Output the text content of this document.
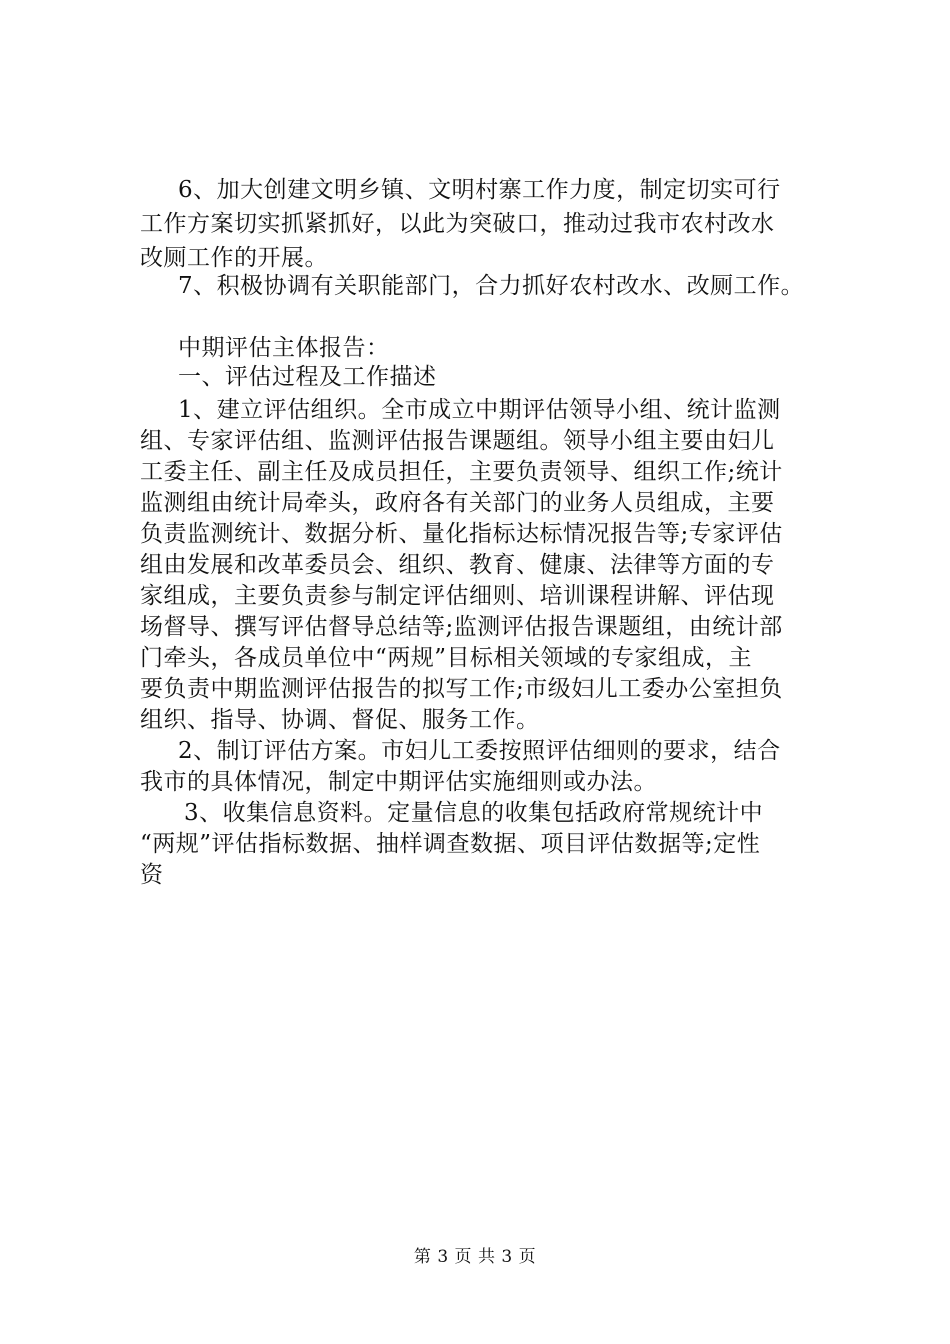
6、加大创建文明乡镇、文明村寨工作力度，制定切实可行
工作方案切实抓紧抓好，以此为突破口，推动过我市农村改水
改厕工作的开展。
7、积极协调有关职能部门，合力抓好农村改水、改厕工作。
中期评估主体报告：
一、评估过程及工作描述
1、建立评估组织。全市成立中期评估领导小组、统计监测
组、专家评估组、监测评估报告课题组。领导小组主要由妇儿
工委主任、副主任及成员担任，主要负责领导、组织工作;统计
监测组由统计局牵头，政府各有关部门的业务人员组成，主要
负责监测统计、数据分析、量化指标达标情况报告等;专家评估
组由发展和改革委员会、组织、教育、健康、法律等方面的专
家组成，主要负责参与制定评估细则、培训课程讲解、评估现
场督导、撰写评估督导总结等;监测评估报告课题组，由统计部
门牵头，各成员单位中“两规”目标相关领域的专家组成，主
要负责中期监测评估报告的拟写工作;市级妇儿工委办公室担负
组织、指导、协调、督促、服务工作。
2、制订评估方案。市妇儿工委按照评估细则的要求，结合
我市的具体情况，制定中期评估实施细则或办法。
3、收集信息资料。定量信息的收集包括政府常规统计中
“两规”评估指标数据、抽样调查数据、项目评估数据等;定性
资
第 3 页 共 3 页
